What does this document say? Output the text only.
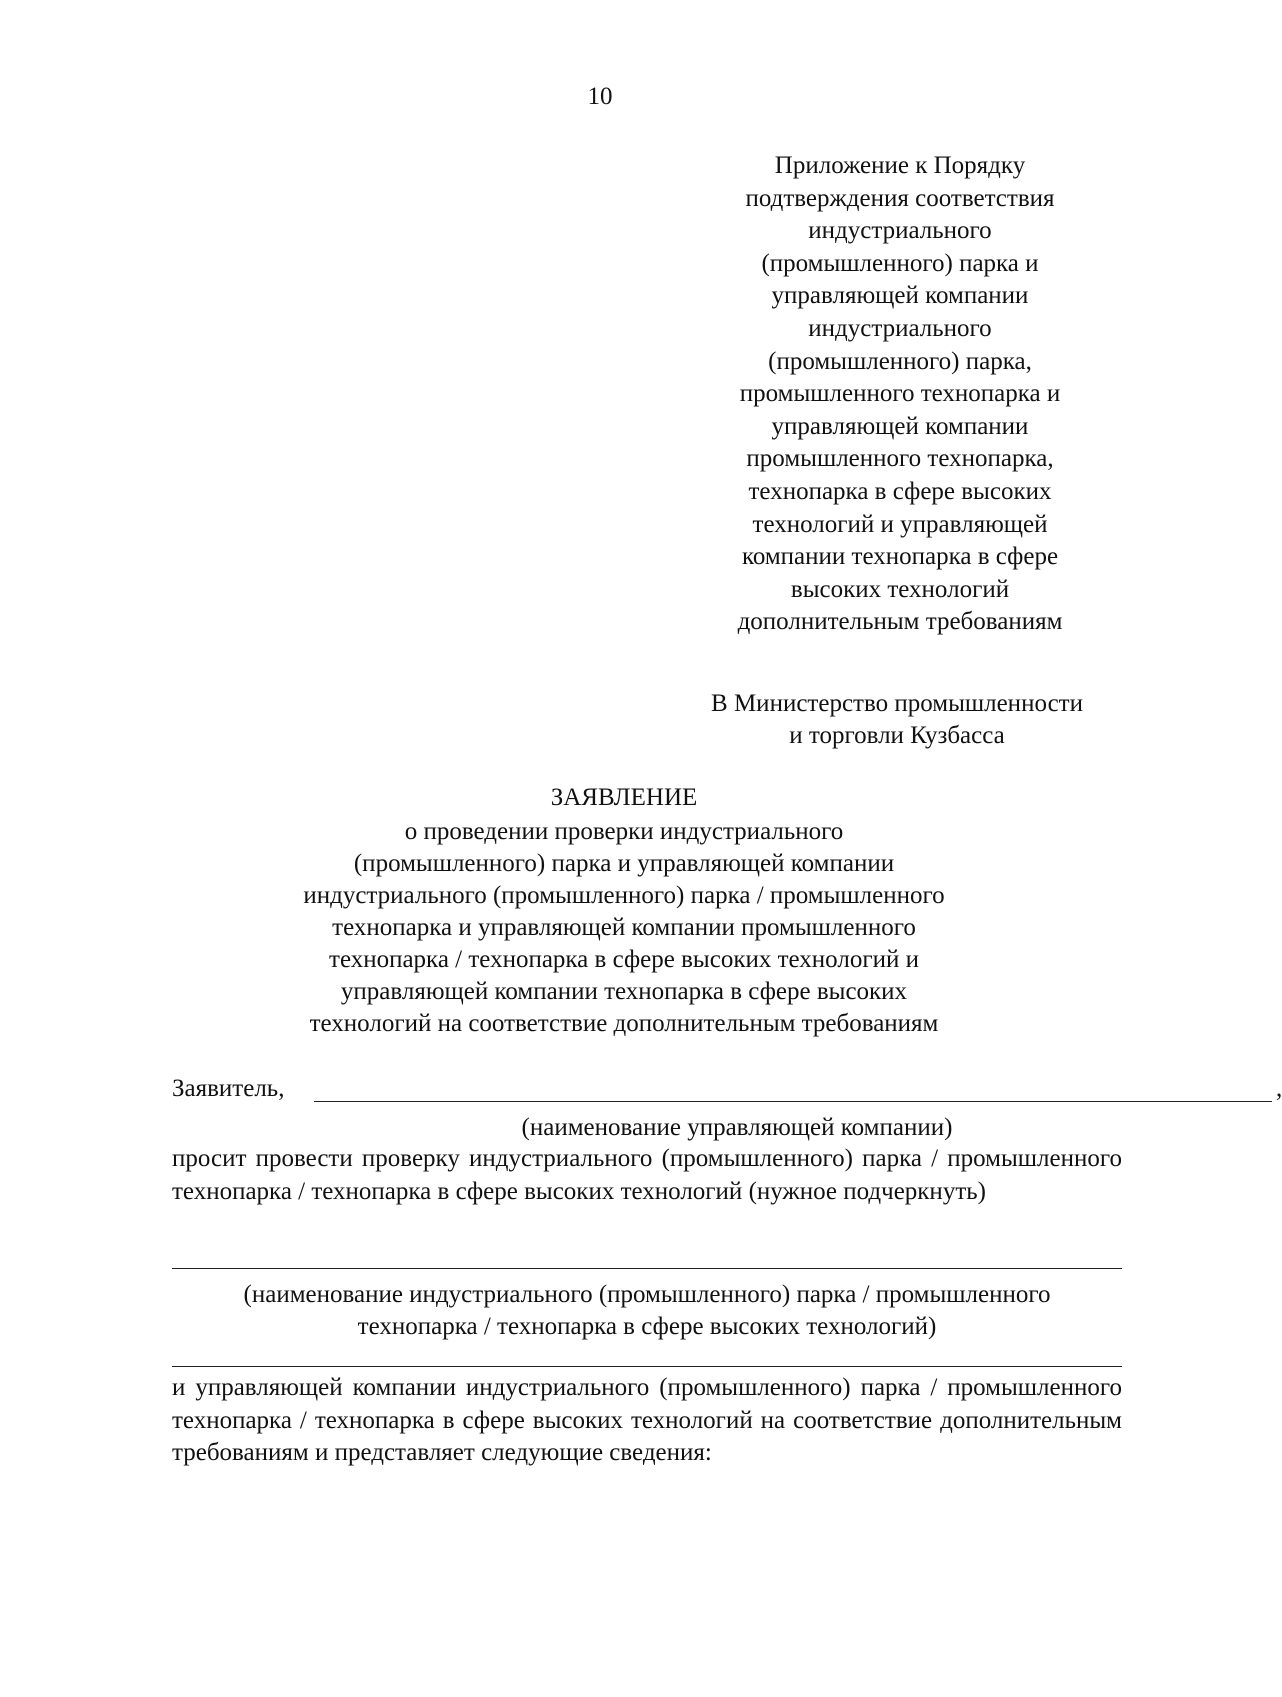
10
Приложение к Порядку
подтверждения соответствия
индустриального
(промышленного) парка и
управляющей компании
индустриального
(промышленного) парка,
промышленного технопарка и
управляющей компании
промышленного технопарка,
технопарка в сфере высоких
технологий и управляющей
компании технопарка в сфере
высоких технологий
дополнительным требованиям
В Министерство промышленности
и торговли Кузбасса
ЗАЯВЛЕНИЕ
о проведении проверки индустриального
(промышленного) парка и управляющей компании
индустриального (промышленного) парка / промышленного
технопарка и управляющей компании промышленного
технопарка / технопарка в сфере высоких технологий и
управляющей компании технопарка в сфере высоких
технологий на соответствие дополнительным требованиям
Заявитель,	,
(наименование управляющей компании)
просит провести проверку индустриального (промышленного) парка / промышленного технопарка / технопарка в сфере высоких технологий (нужное подчеркнуть)
(наименование индустриального (промышленного) парка / промышленного
технопарка / технопарка в сфере высоких технологий)
и управляющей компании индустриального (промышленного) парка / промышленного технопарка / технопарка в сфере высоких технологий на соответствие дополнительным требованиям и представляет следующие сведения:
